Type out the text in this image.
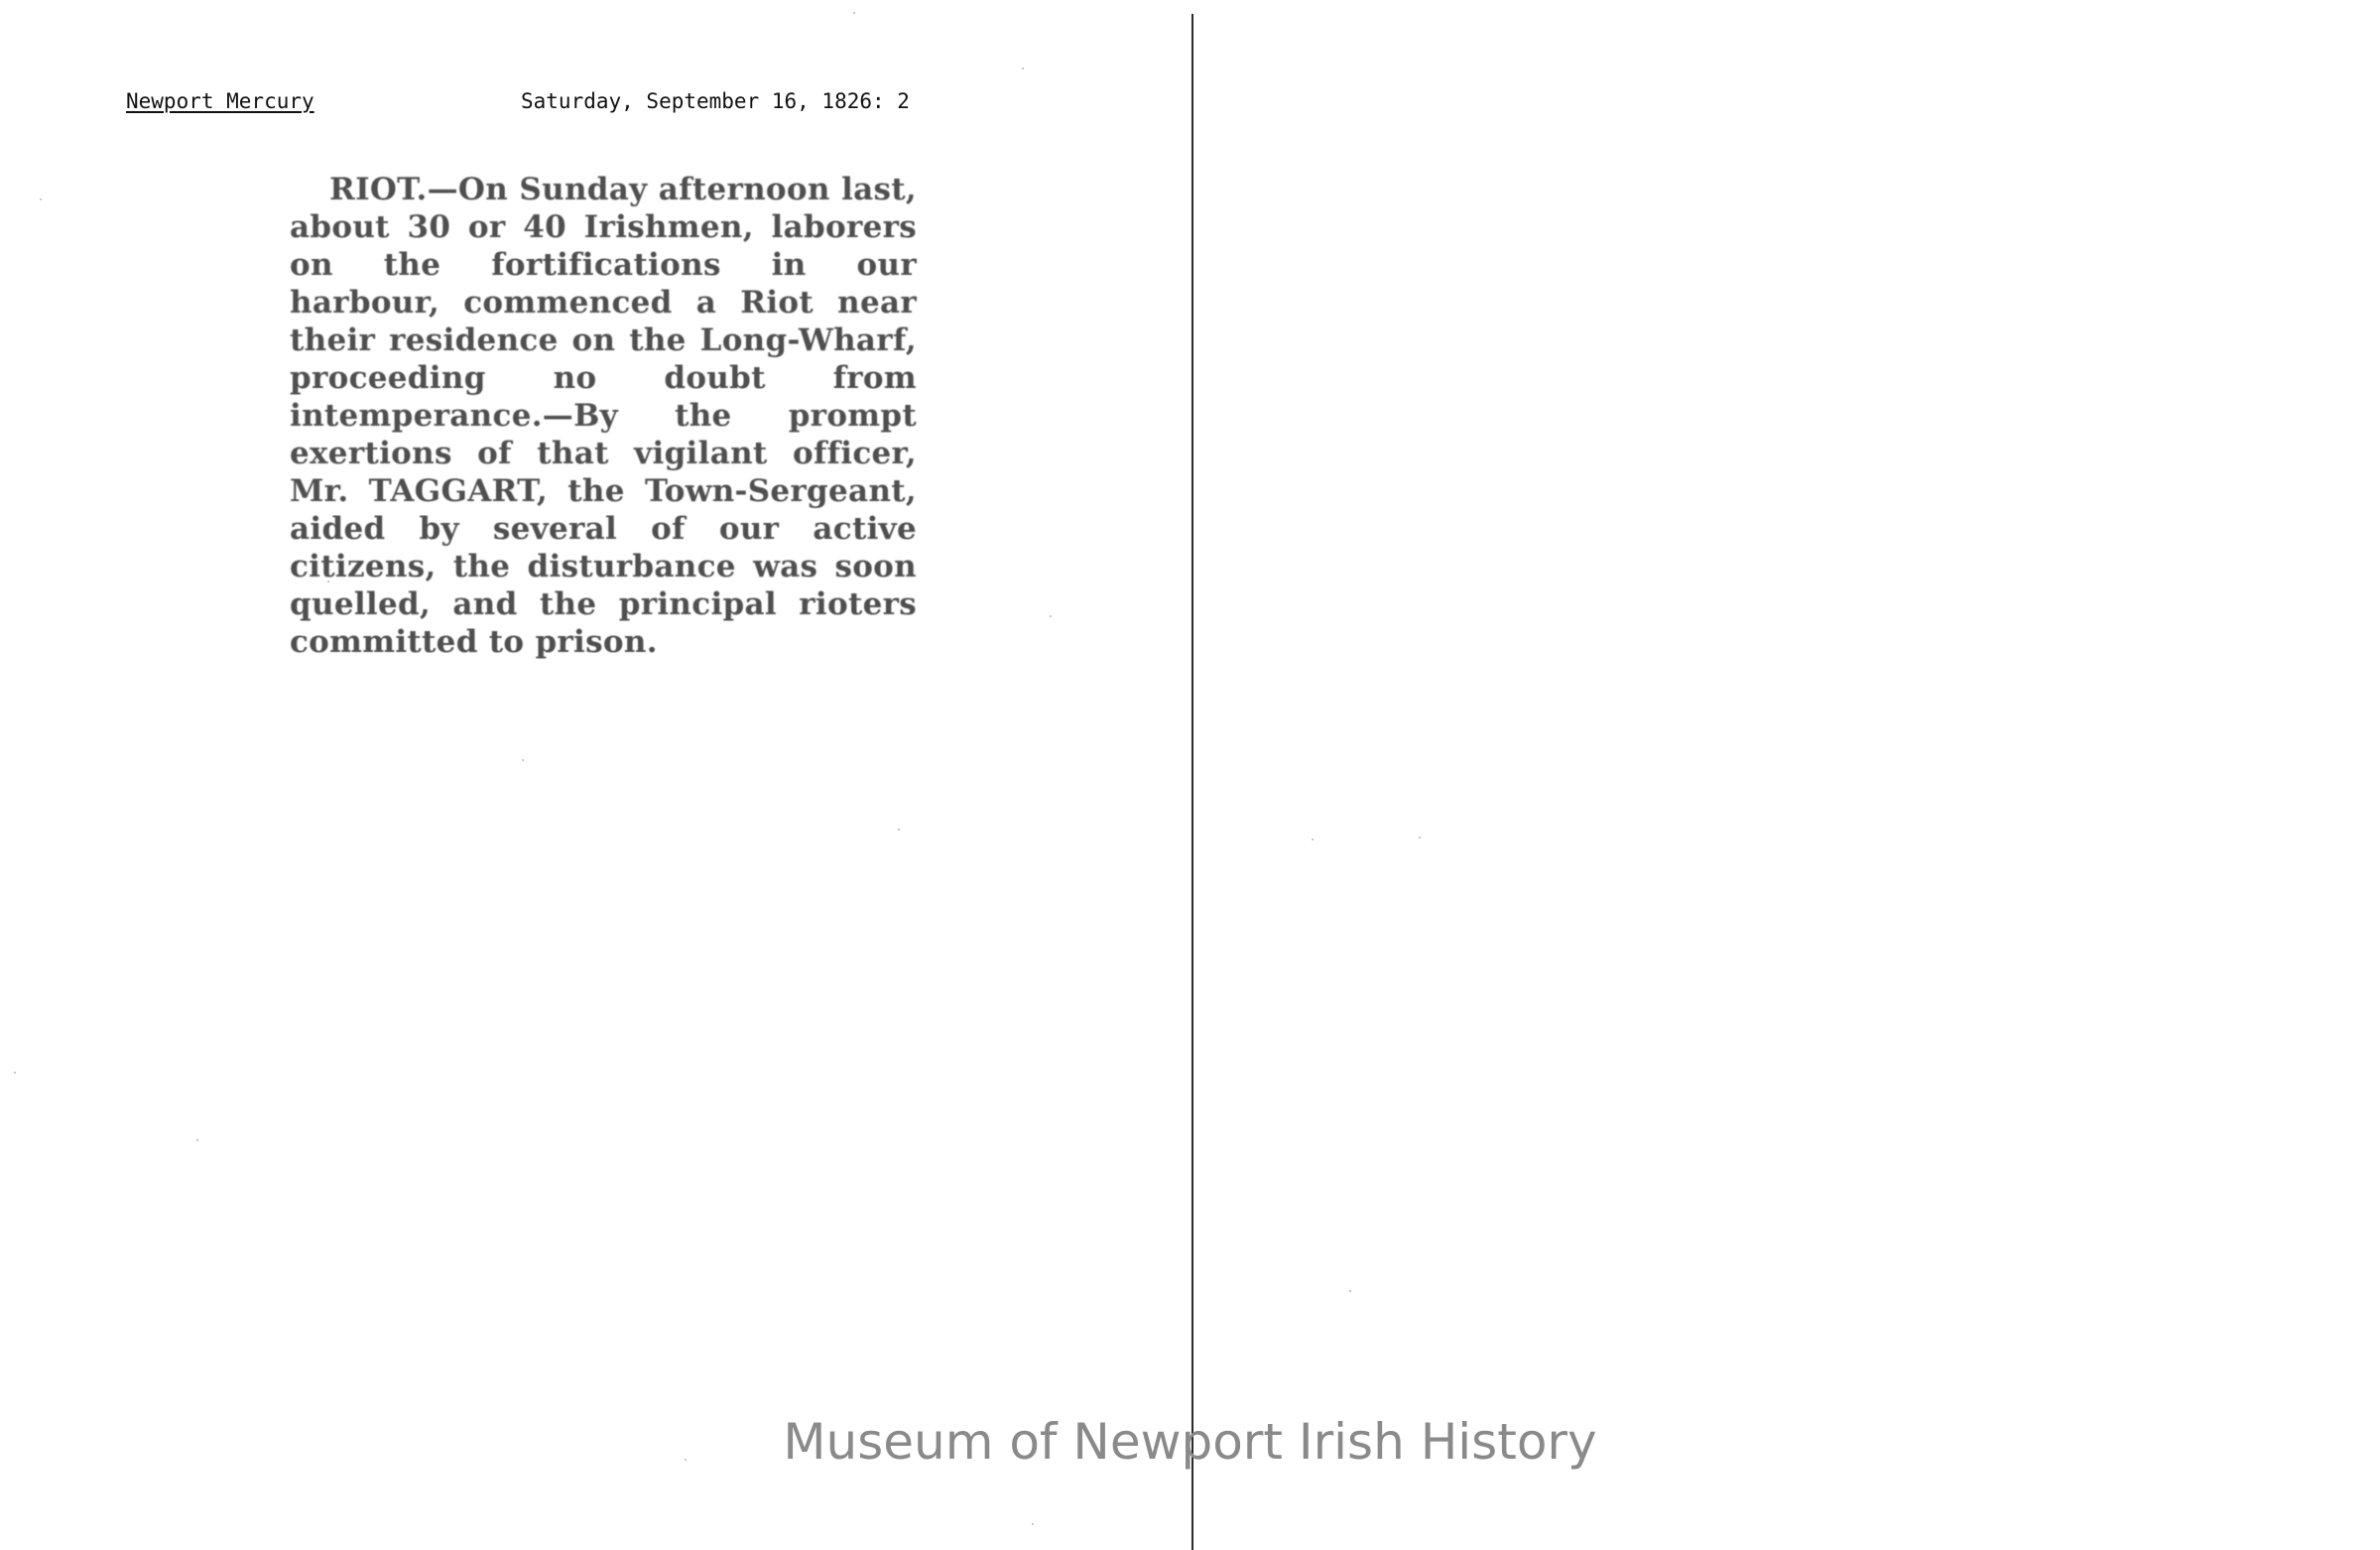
Newport Mercury	Saturday, September 16, 1826: 2
RIOT.—On Sunday afternoon last, about 30 or 40 Irishmen, laborers on the fortifications in our harbour, commenced a Riot near their residence on the Long-Wharf, proceeding no doubt from intemperance.—By the prompt exertions of that vigilant officer, Mr. TAGGART, the Town-Sergeant, aided by several of our active citizens, the disturbance was soon quelled, and the principal rioters committed to prison.
Museum of Newport Irish History
